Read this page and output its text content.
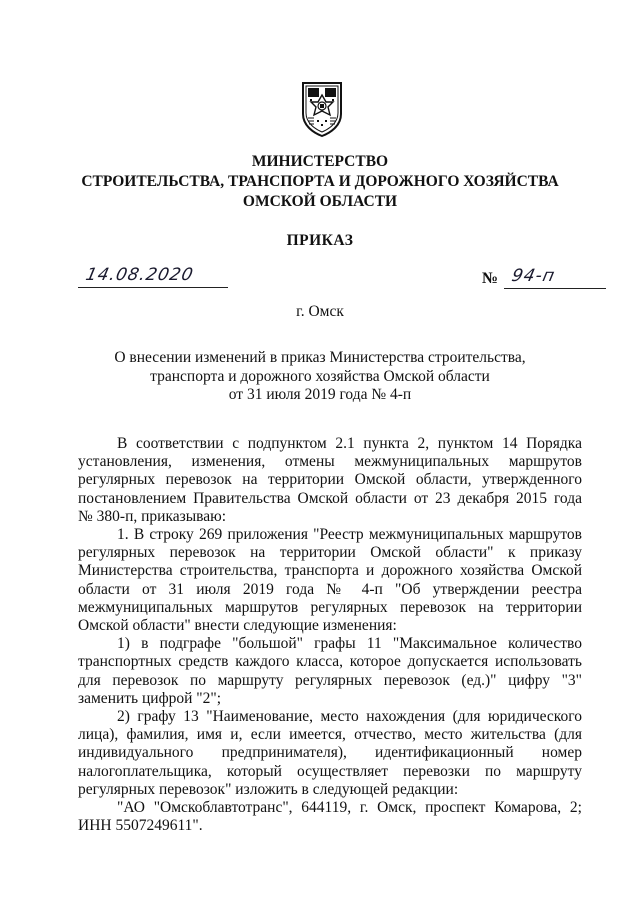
МИНИСТЕРСТВО
СТРОИТЕЛЬСТВА, ТРАНСПОРТА И ДОРОЖНОГО ХОЗЯЙСТВА
ОМСКОЙ ОБЛАСТИ
ПРИКАЗ
14.08.2020	№ 94-п
г. Омск
О внесении изменений в приказ Министерства строительства,
транспорта и дорожного хозяйства Омской области
от 31 июля 2019 года № 4-п
В соответствии с подпунктом 2.1 пункта 2, пунктом 14 Порядка
установления, изменения, отмены межмуниципальных маршрутов
регулярных перевозок на территории Омской области, утвержденного
постановлением Правительства Омской области от 23 декабря 2015 года
№ 380-п, приказываю:
1. В строку 269 приложения "Реестр межмуниципальных маршрутов
регулярных перевозок на территории Омской области" к приказу
Министерства строительства, транспорта и дорожного хозяйства Омской
области от 31 июля 2019 года № 4-п "Об утверждении реестра
межмуниципальных маршрутов регулярных перевозок на территории
Омской области" внести следующие изменения:
1) в подграфе "большой" графы 11 "Максимальное количество
транспортных средств каждого класса, которое допускается использовать
для перевозок по маршруту регулярных перевозок (ед.)" цифру "3"
заменить цифрой "2";
2) графу 13 "Наименование, место нахождения (для юридического
лица), фамилия, имя и, если имеется, отчество, место жительства (для
индивидуального предпринимателя), идентификационный номер
налогоплательщика, который осуществляет перевозки по маршруту
регулярных перевозок" изложить в следующей редакции:
"АО "Омскоблавтотранс", 644119, г. Омск, проспект Комарова, 2;
ИНН 5507249611".
